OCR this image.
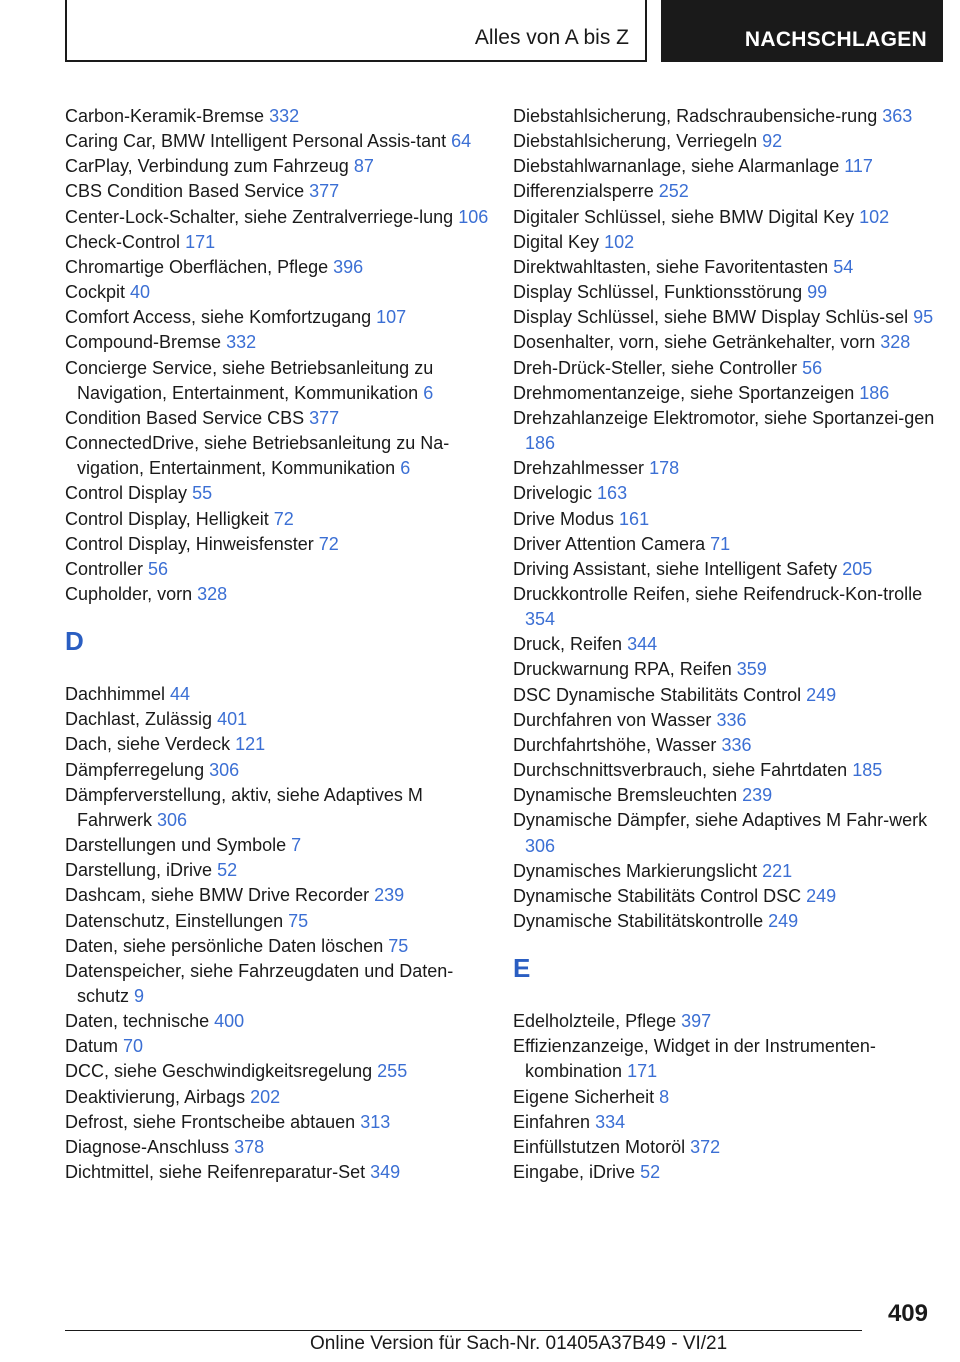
Alles von A bis Z	NACHSCHLAGEN
Carbon-Keramik-Bremse 332
Caring Car, BMW Intelligent Personal Assis-tant 64
CarPlay, Verbindung zum Fahrzeug 87
CBS Condition Based Service 377
Center-Lock-Schalter, siehe Zentralverriege-lung 106
Check-Control 171
Chromartige Oberflächen, Pflege 396
Cockpit 40
Comfort Access, siehe Komfortzugang 107
Compound-Bremse 332
Concierge Service, siehe Betriebsanleitung zu Navigation, Entertainment, Kommunikation 6
Condition Based Service CBS 377
ConnectedDrive, siehe Betriebsanleitung zu Na-vigation, Entertainment, Kommunikation 6
Control Display 55
Control Display, Helligkeit 72
Control Display, Hinweisfenster 72
Controller 56
Cupholder, vorn 328
D
Dachhimmel 44
Dachlast, Zulässig 401
Dach, siehe Verdeck 121
Dämpferregelung 306
Dämpferverstellung, aktiv, siehe Adaptives M Fahrwerk 306
Darstellungen und Symbole 7
Darstellung, iDrive 52
Dashcam, siehe BMW Drive Recorder 239
Datenschutz, Einstellungen 75
Daten, siehe persönliche Daten löschen 75
Datenspeicher, siehe Fahrzeugdaten und Daten-schutz 9
Daten, technische 400
Datum 70
DCC, siehe Geschwindigkeitsregelung 255
Deaktivierung, Airbags 202
Defrost, siehe Frontscheibe abtauen 313
Diagnose-Anschluss 378
Dichtmittel, siehe Reifenreparatur-Set 349
Diebstahlsicherung, Radschraubensiche-rung 363
Diebstahlsicherung, Verriegeln 92
Diebstahlwarnanlage, siehe Alarmanlage 117
Differenzialsperre 252
Digitaler Schlüssel, siehe BMW Digital Key 102
Digital Key 102
Direktwahltasten, siehe Favoritentasten 54
Display Schlüssel, Funktionsstörung 99
Display Schlüssel, siehe BMW Display Schlüs-sel 95
Dosenhalter, vorn, siehe Getränkehalter, vorn 328
Dreh-Drück-Steller, siehe Controller 56
Drehmomentanzeige, siehe Sportanzeigen 186
Drehzahlanzeige Elektromotor, siehe Sportanzei-gen 186
Drehzahlmesser 178
Drivelogic 163
Drive Modus 161
Driver Attention Camera 71
Driving Assistant, siehe Intelligent Safety 205
Druckkontrolle Reifen, siehe Reifendruck-Kon-trolle 354
Druck, Reifen 344
Druckwarnung RPA, Reifen 359
DSC Dynamische Stabilitäts Control 249
Durchfahren von Wasser 336
Durchfahrtshöhe, Wasser 336
Durchschnittsverbrauch, siehe Fahrtdaten 185
Dynamische Bremsleuchten 239
Dynamische Dämpfer, siehe Adaptives M Fahr-werk 306
Dynamisches Markierungslicht 221
Dynamische Stabilitäts Control DSC 249
Dynamische Stabilitätskontrolle 249
E
Edelholzteile, Pflege 397
Effizienzanzeige, Widget in der Instrumenten-kombination 171
Eigene Sicherheit 8
Einfahren 334
Einfüllstutzen Motoröl 372
Eingabe, iDrive 52
409
Online Version für Sach-Nr. 01405A37B49 - VI/21
